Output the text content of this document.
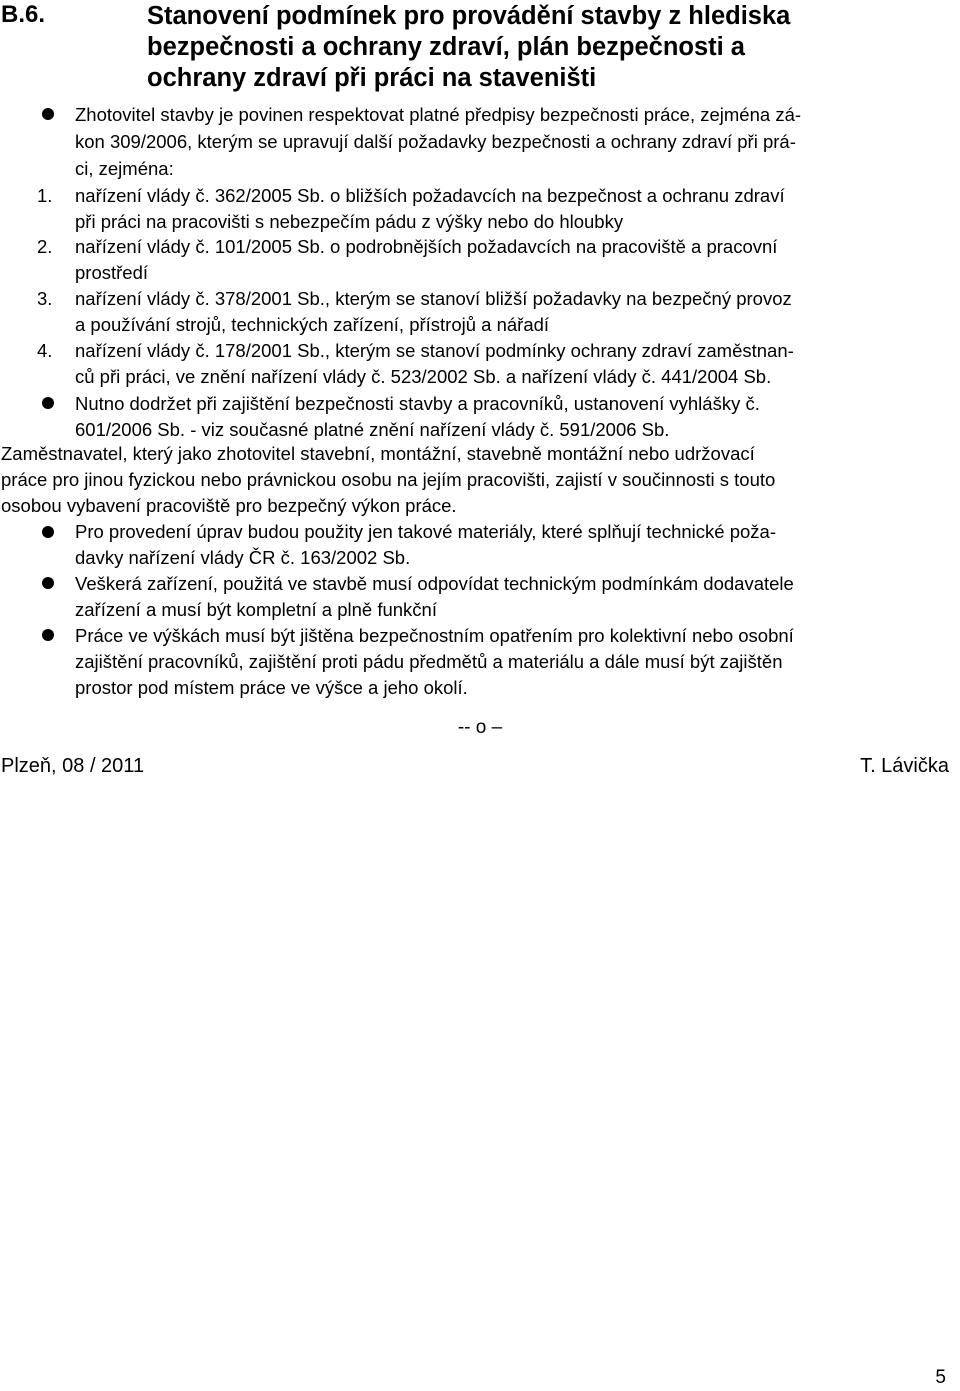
B.6.	Stanovení podmínek pro provádění stavby z hlediska
bezpečnosti a ochrany zdraví, plán bezpečnosti a
ochrany zdraví při práci na staveništi
Zhotovitel stavby je povinen respektovat platné předpisy bezpečnosti práce, zejména zá-
kon 309/2006, kterým se upravují další požadavky bezpečnosti a ochrany zdraví při prá-
ci, zejména:
1. nařízení vlády č. 362/2005 Sb. o bližších požadavcích na bezpečnost a ochranu zdraví
při práci na pracovišti s nebezpečím pádu z výšky nebo do hloubky
2. nařízení vlády č. 101/2005 Sb. o podrobnějších požadavcích na pracoviště a pracovní
prostředí
3. nařízení vlády č. 378/2001 Sb., kterým se stanoví bližší požadavky na bezpečný provoz
a používání strojů, technických zařízení, přístrojů a nářadí
4. nařízení vlády č. 178/2001 Sb., kterým se stanoví podmínky ochrany zdraví zaměstnan-
ců při práci, ve znění nařízení vlády č. 523/2002 Sb. a nařízení vlády č. 441/2004 Sb.
Nutno dodržet při zajištění bezpečnosti stavby a pracovníků, ustanovení vyhlášky č.
601/2006 Sb. - viz současné platné znění nařízení vlády č. 591/2006 Sb.
Zaměstnavatel, který jako zhotovitel stavební, montážní, stavebně montážní nebo udržovací
práce pro jinou fyzickou nebo právnickou osobu na jejím pracovišti, zajistí v součinnosti s touto
osobou vybavení pracoviště pro bezpečný výkon práce.
Pro provedení úprav budou použity jen takové materiály, které splňují technické poža-
davky nařízení vlády ČR č. 163/2002 Sb.
Veškerá zařízení, použitá ve stavbě musí odpovídat technickým podmínkám dodavatele
zařízení a musí být kompletní a plně funkční
Práce ve výškách musí být jištěna bezpečnostním opatřením pro kolektivní nebo osobní
zajištění pracovníků, zajištění proti pádu předmětů a materiálu a dále musí být zajištěn
prostor pod místem práce ve výšce a jeho okolí.
-- o –
Plzeň, 08 / 2011	T. Lávička
5
